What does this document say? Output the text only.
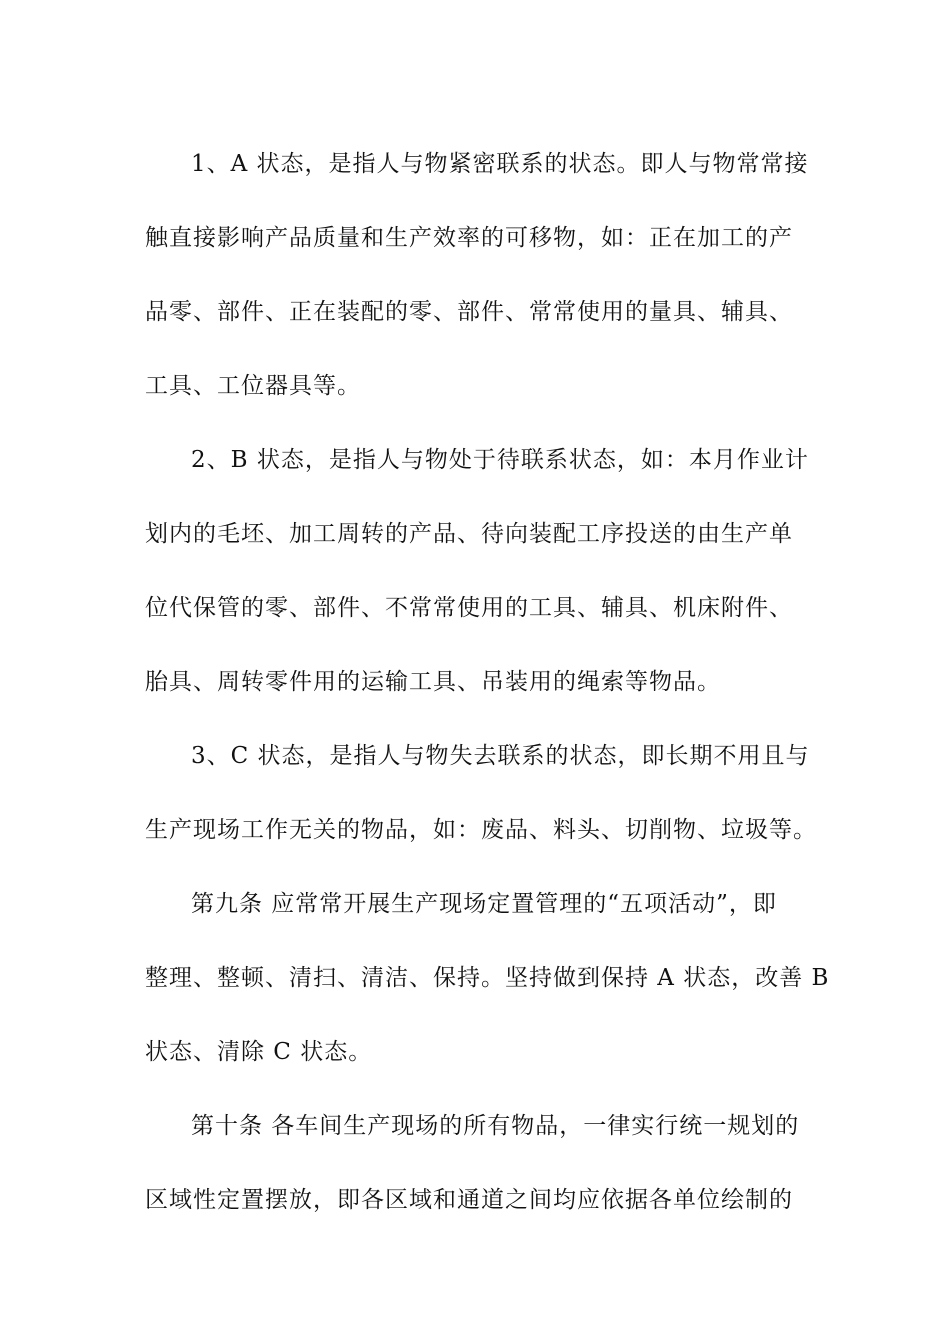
1、A 状态，是指人与物紧密联系的状态。即人与物常常接
触直接影响产品质量和生产效率的可移物，如：正在加工的产
品零、部件、正在装配的零、部件、常常使用的量具、辅具、
工具、工位器具等。
2、B 状态，是指人与物处于待联系状态，如：本月作业计
划内的毛坯、加工周转的产品、待向装配工序投送的由生产单
位代保管的零、部件、不常常使用的工具、辅具、机床附件、
胎具、周转零件用的运输工具、吊装用的绳索等物品。
3、C 状态，是指人与物失去联系的状态，即长期不用且与
生产现场工作无关的物品，如：废品、料头、切削物、垃圾等。
第九条 应常常开展生产现场定置管理的“五项活动”，即
整理、整顿、清扫、清洁、保持。坚持做到保持 A 状态，改善 B
状态、清除 C 状态。
第十条 各车间生产现场的所有物品，一律实行统一规划的
区域性定置摆放，即各区域和通道之间均应依据各单位绘制的
